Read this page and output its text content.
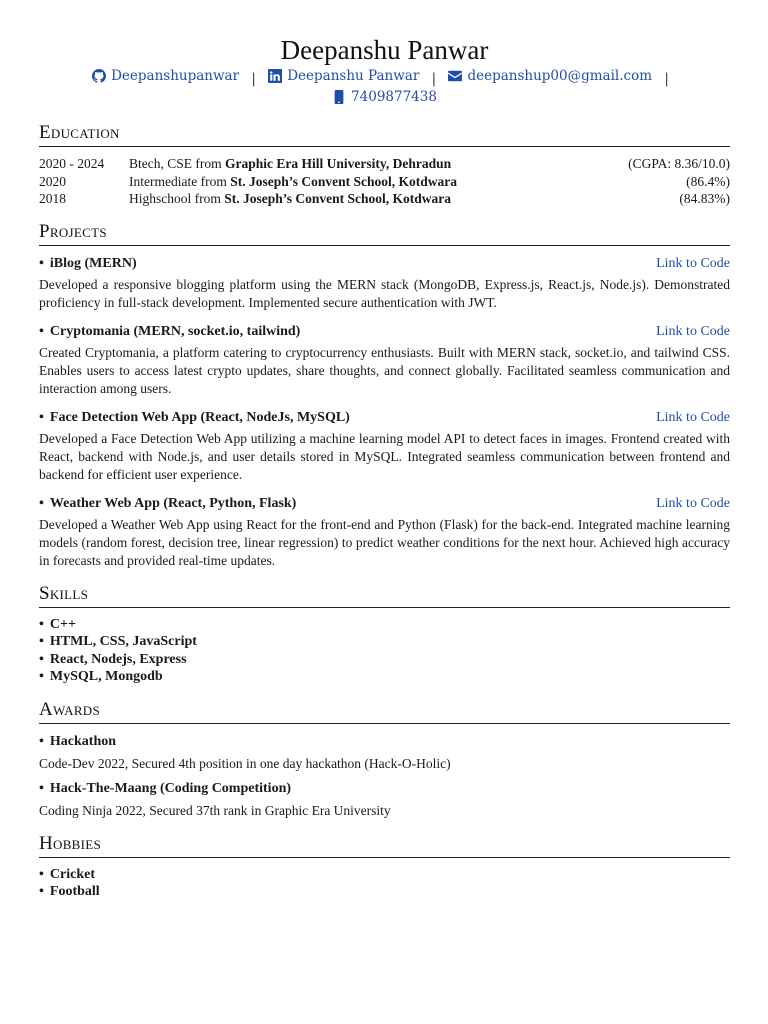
Deepanshu Panwar
Deepanshupanwar | Deepanshu Panwar | deepanshup00@gmail.com |
7409877438
Education
2020 - 2024	Btech, CSE from Graphic Era Hill University, Dehradun	(CGPA: 8.36/10.0)
2020	Intermediate from St. Joseph’s Convent School, Kotdwara	(86.4%)
2018	Highschool from St. Joseph’s Convent School, Kotdwara	(84.83%)
Projects
• iBlog (MERN)	Link to Code
Developed a responsive blogging platform using the MERN stack (MongoDB, Express.js, React.js, Node.js). Demonstrated proficiency in full-stack development. Implemented secure authentication with JWT.
• Cryptomania (MERN, socket.io, tailwind)	Link to Code
Created Cryptomania, a platform catering to cryptocurrency enthusiasts. Built with MERN stack, socket.io, and tailwind CSS. Enables users to access latest crypto updates, share thoughts, and connect globally. Facilitated seamless communication and interaction among users.
• Face Detection Web App (React, NodeJs, MySQL)	Link to Code
Developed a Face Detection Web App utilizing a machine learning model API to detect faces in images. Frontend created with React, backend with Node.js, and user details stored in MySQL. Integrated seamless communication between frontend and backend for efficient user experience.
• Weather Web App (React, Python, Flask)	Link to Code
Developed a Weather Web App using React for the front-end and Python (Flask) for the back-end. Integrated machine learning models (random forest, decision tree, linear regression) to predict weather conditions for the next hour. Achieved high accuracy in forecasts and provided real-time updates.
Skills
• C++
• HTML, CSS, JavaScript
• React, Nodejs, Express
• MySQL, Mongodb
Awards
• Hackathon
Code-Dev 2022, Secured 4th position in one day hackathon (Hack-O-Holic)
• Hack-The-Maang (Coding Competition)
Coding Ninja 2022, Secured 37th rank in Graphic Era University
Hobbies
• Cricket
• Football
